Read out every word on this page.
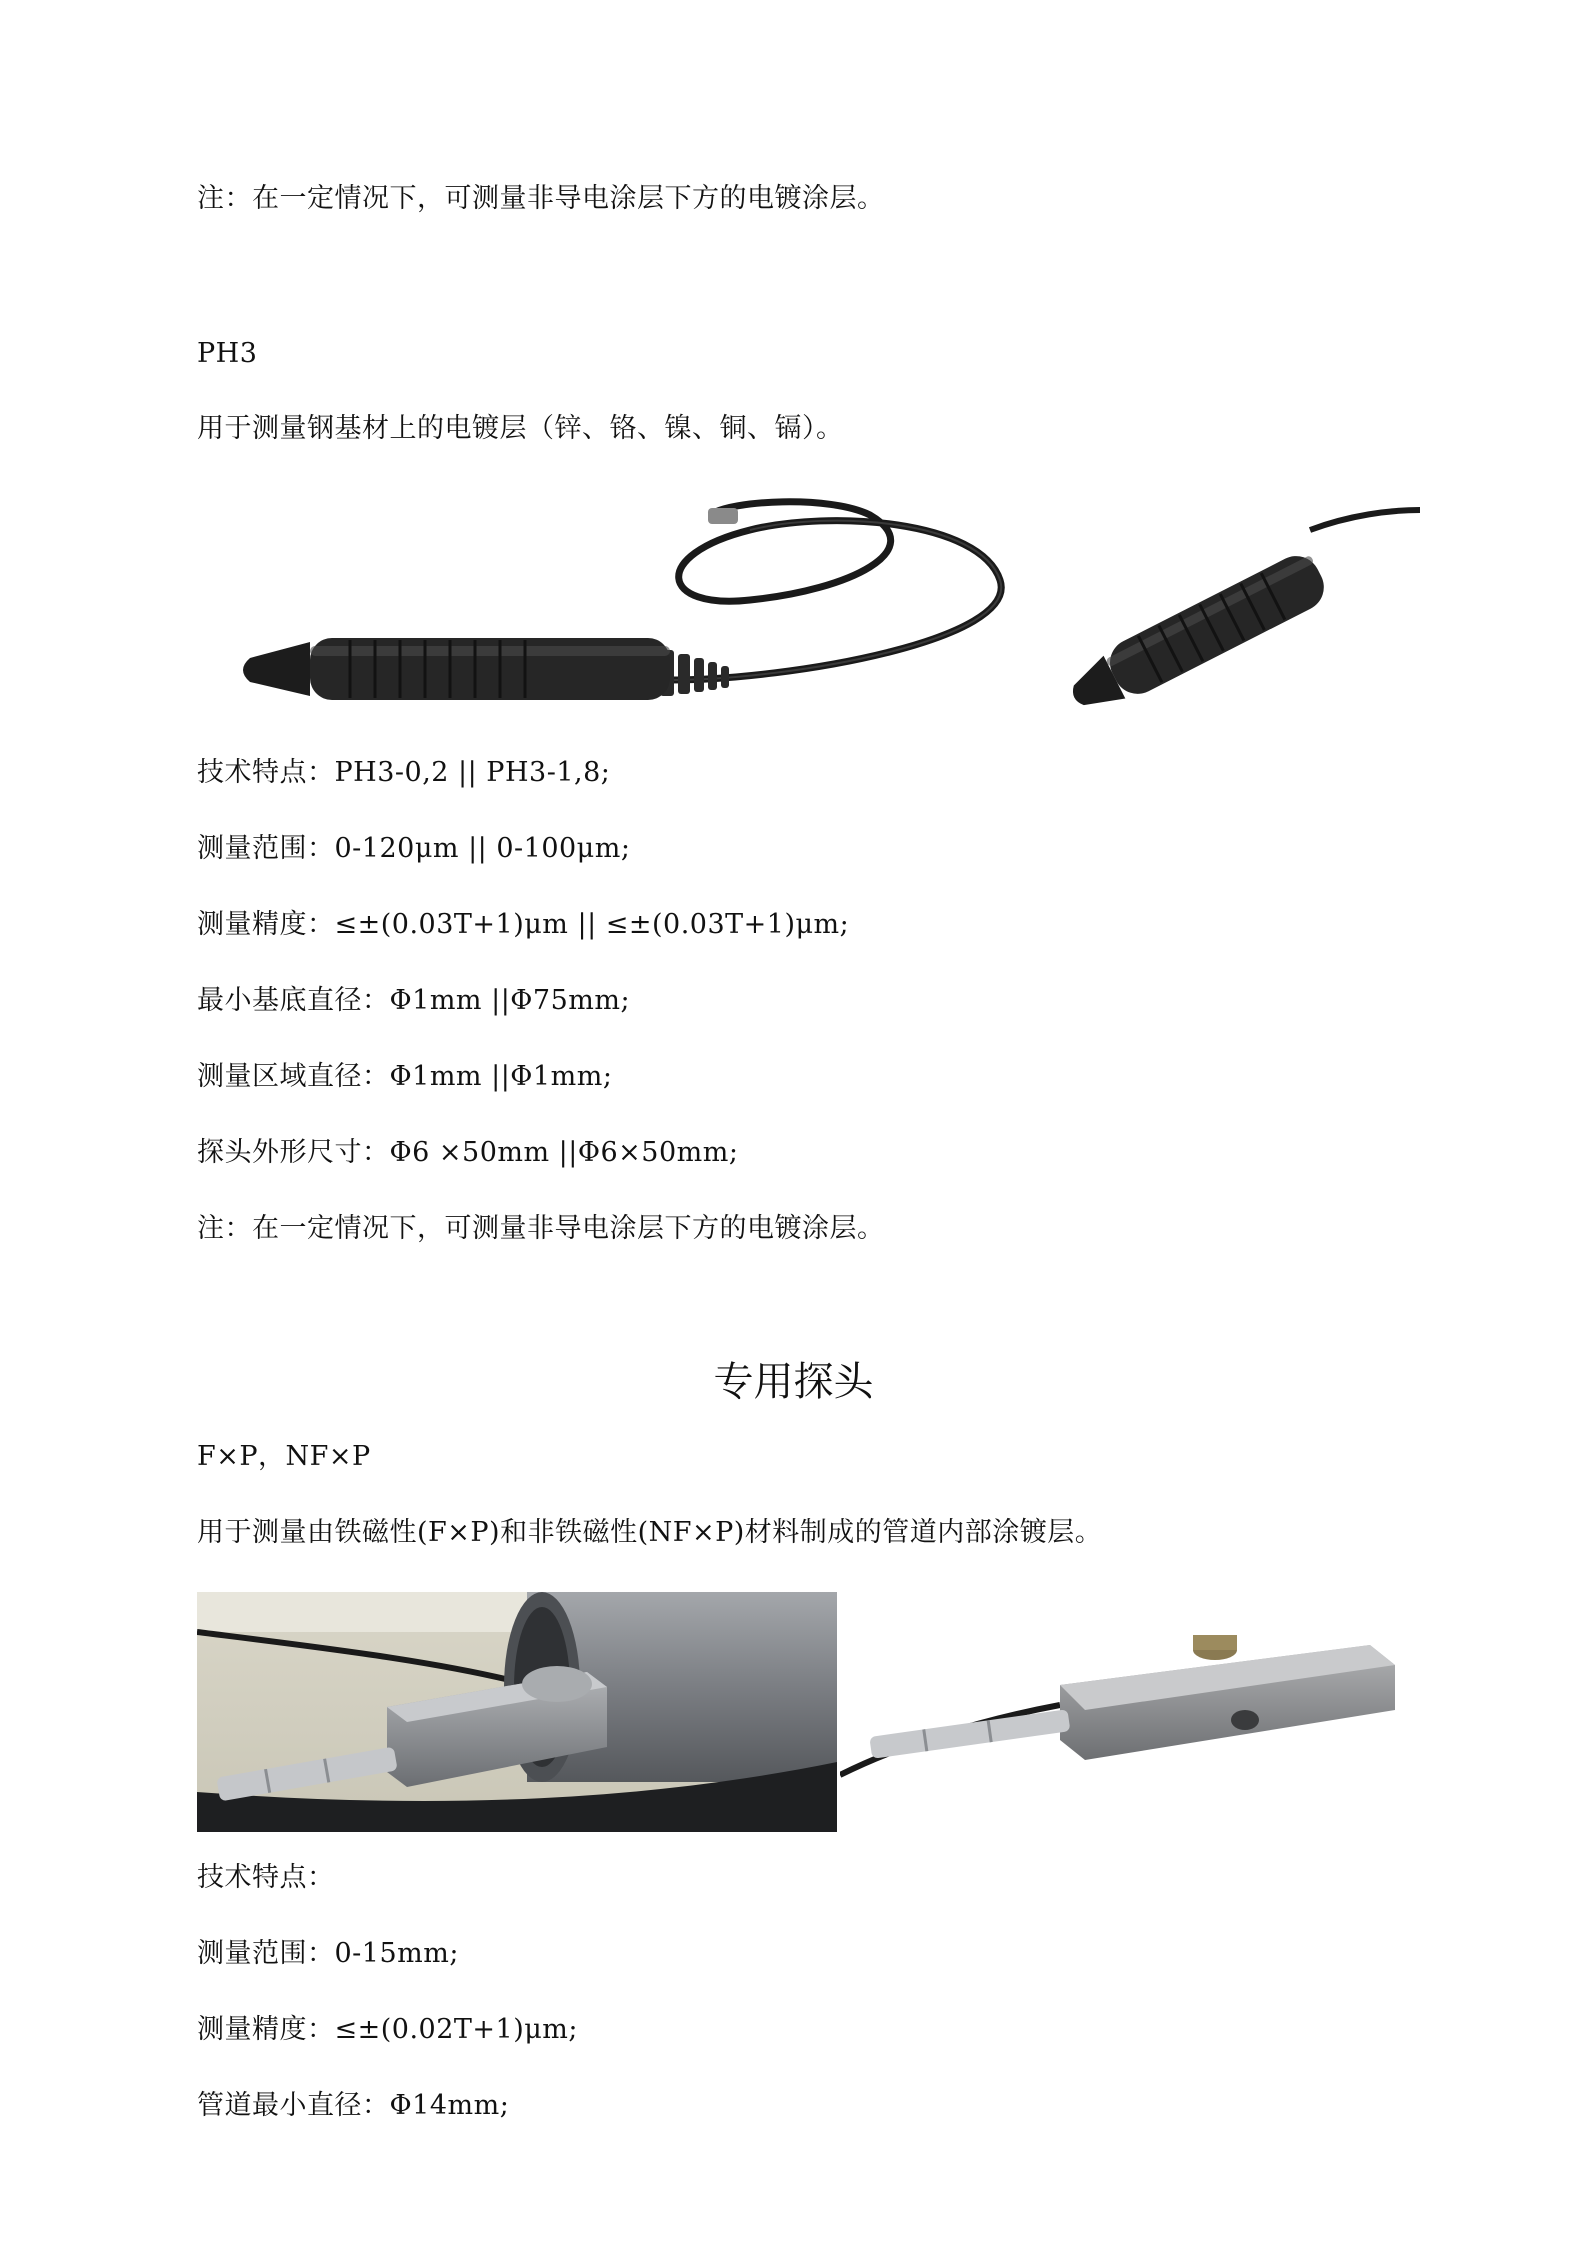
注：在一定情况下，可测量非导电涂层下方的电镀涂层。
PH3
用于测量钢基材上的电镀层（锌、铬、镍、铜、镉）。
技术特点：PH3-0,2 || PH3-1,8;
测量范围：0-120μm || 0-100μm;
测量精度：≤±(0.03T+1)μm || ≤±(0.03T+1)μm;
最小基底直径：Φ1mm ||Φ75mm;
测量区域直径：Φ1mm ||Φ1mm;
探头外形尺寸：Φ6 ×50mm ||Φ6×50mm;
注：在一定情况下，可测量非导电涂层下方的电镀涂层。
专用探头
F×P，NF×P
用于测量由铁磁性(F×P)和非铁磁性(NF×P)材料制成的管道内部涂镀层。
技术特点：
测量范围：0-15mm;
测量精度：≤±(0.02T+1)μm;
管道最小直径：Φ14mm;
